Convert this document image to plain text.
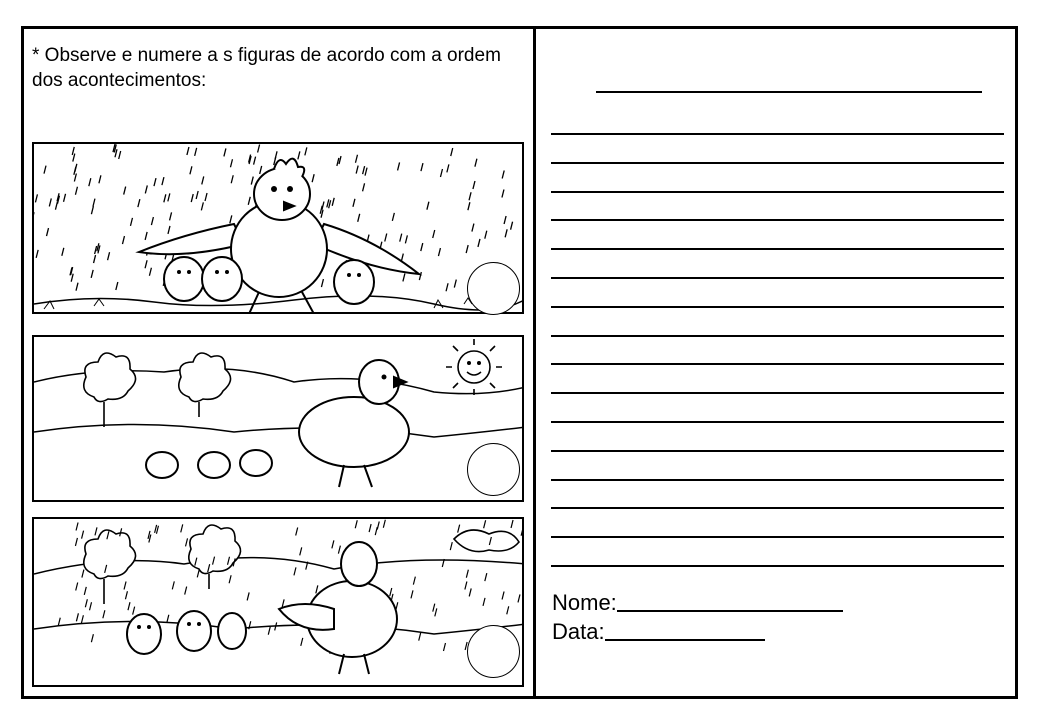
* Observe e numere a s figuras de acordo com a ordem dos acontecimentos:
Nome:
Data:
